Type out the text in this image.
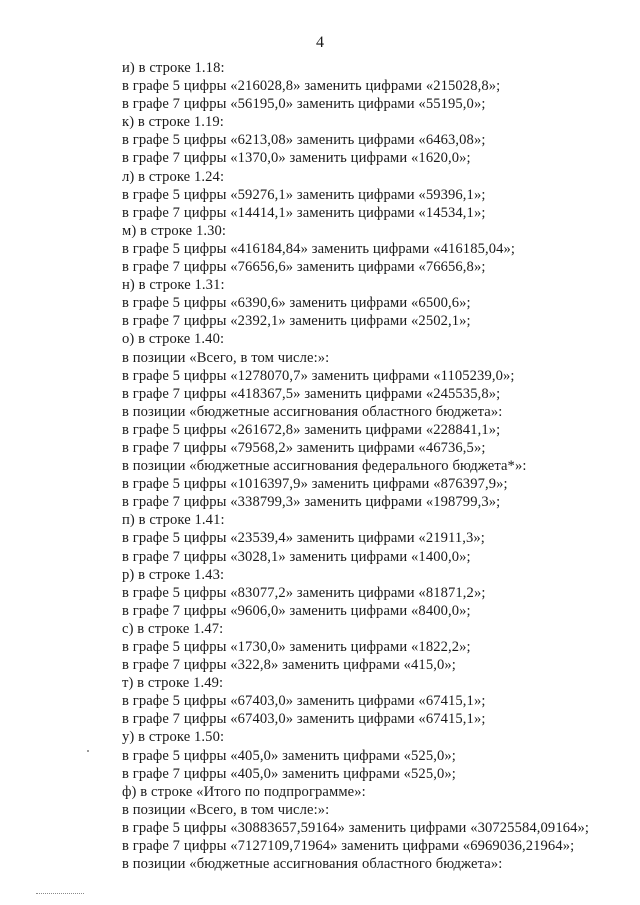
4
и) в строке 1.18:
в графе 5 цифры «216028,8» заменить цифрами «215028,8»;
в графе 7 цифры «56195,0» заменить цифрами «55195,0»;
к) в строке 1.19:
в графе 5 цифры «6213,08» заменить цифрами «6463,08»;
в графе 7 цифры «1370,0» заменить цифрами «1620,0»;
л) в строке 1.24:
в графе 5 цифры «59276,1» заменить цифрами «59396,1»;
в графе 7 цифры «14414,1» заменить цифрами «14534,1»;
м) в строке 1.30:
в графе 5 цифры «416184,84» заменить цифрами «416185,04»;
в графе 7 цифры «76656,6» заменить цифрами «76656,8»;
н) в строке 1.31:
в графе 5 цифры «6390,6» заменить цифрами «6500,6»;
в графе 7 цифры «2392,1» заменить цифрами «2502,1»;
о) в строке 1.40:
в позиции «Всего, в том числе:»:
в графе 5 цифры «1278070,7» заменить цифрами «1105239,0»;
в графе 7 цифры «418367,5» заменить цифрами «245535,8»;
в позиции «бюджетные ассигнования областного бюджета»:
в графе 5 цифры «261672,8» заменить цифрами «228841,1»;
в графе 7 цифры «79568,2» заменить цифрами «46736,5»;
в позиции «бюджетные ассигнования федерального бюджета*»:
в графе 5 цифры «1016397,9» заменить цифрами «876397,9»;
в графе 7 цифры «338799,3» заменить цифрами «198799,3»;
п) в строке 1.41:
в графе 5 цифры «23539,4» заменить цифрами «21911,3»;
в графе 7 цифры «3028,1» заменить цифрами «1400,0»;
р) в строке 1.43:
в графе 5 цифры «83077,2» заменить цифрами «81871,2»;
в графе 7 цифры «9606,0» заменить цифрами «8400,0»;
с) в строке 1.47:
в графе 5 цифры «1730,0» заменить цифрами «1822,2»;
в графе 7 цифры «322,8» заменить цифрами «415,0»;
т) в строке 1.49:
в графе 5 цифры «67403,0» заменить цифрами «67415,1»;
в графе 7 цифры «67403,0» заменить цифрами «67415,1»;
у) в строке 1.50:
в графе 5 цифры «405,0» заменить цифрами «525,0»;
в графе 7 цифры «405,0» заменить цифрами «525,0»;
ф) в строке «Итого по подпрограмме»:
в позиции «Всего, в том числе:»:
в графе 5 цифры «30883657,59164» заменить цифрами «30725584,09164»;
в графе 7 цифры «7127109,71964» заменить цифрами «6969036,21964»;
в позиции «бюджетные ассигнования областного бюджета»:
